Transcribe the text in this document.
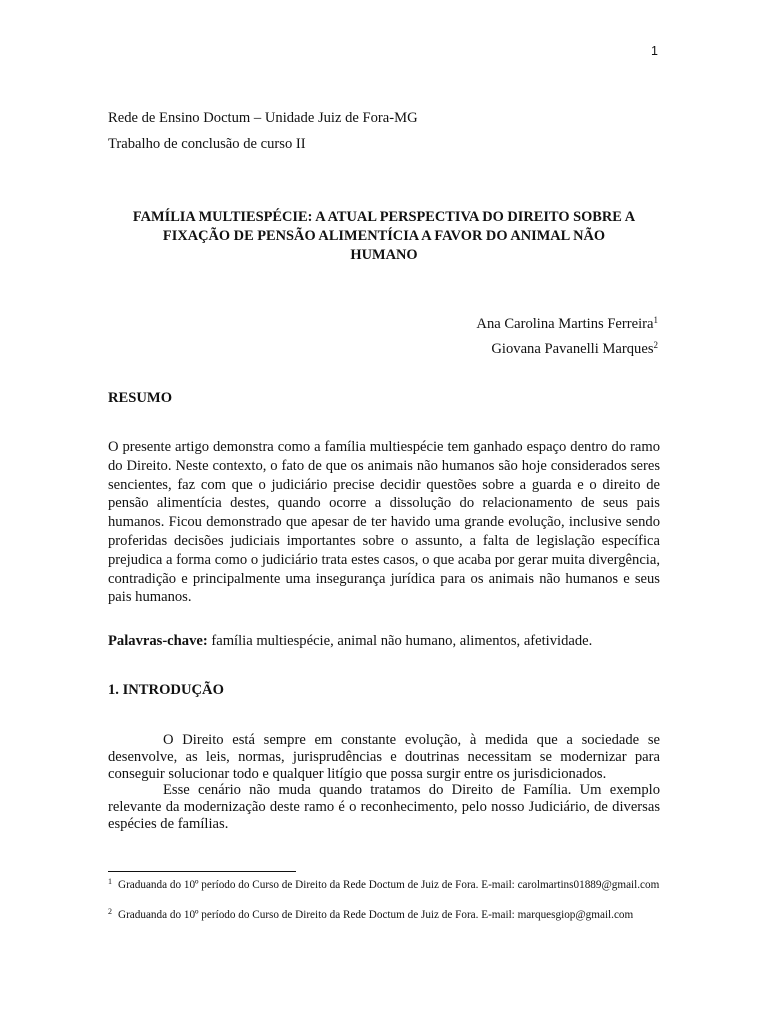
1
Rede de Ensino Doctum – Unidade Juiz de Fora-MG
Trabalho de conclusão de curso II
FAMÍLIA MULTIESPÉCIE: A ATUAL PERSPECTIVA DO DIREITO SOBRE A
FIXAÇÃO DE PENSÃO ALIMENTÍCIA A FAVOR DO ANIMAL NÃO
HUMANO
Ana Carolina Martins Ferreira$^1$
Giovana Pavanelli Marques$^2$
RESUMO
O presente artigo demonstra como a família multiespécie tem ganhado espaço dentro do ramo do Direito. Neste contexto, o fato de que os animais não humanos são hoje considerados seres sencientes, faz com que o judiciário precise decidir questões sobre a guarda e o direito de pensão alimentícia destes, quando ocorre a dissolução do relacionamento de seus pais humanos. Ficou demonstrado que apesar de ter havido uma grande evolução, inclusive sendo proferidas decisões judiciais importantes sobre o assunto, a falta de legislação específica prejudica a forma como o judiciário trata estes casos, o que acaba por gerar muita divergência, contradição e principalmente uma insegurança jurídica para os animais não humanos e seus pais humanos.
Palavras-chave: família multiespécie, animal não humano, alimentos, afetividade.
1. INTRODUÇÃO
O Direito está sempre em constante evolução, à medida que a sociedade se desenvolve, as leis, normas, jurisprudências e doutrinas necessitam se modernizar para conseguir solucionar todo e qualquer litígio que possa surgir entre os jurisdicionados.
Esse cenário não muda quando tratamos do Direito de Família. Um exemplo relevante da modernização deste ramo é o reconhecimento, pelo nosso Judiciário, de diversas espécies de famílias.
$^1$ Graduanda do 10º período do Curso de Direito da Rede Doctum de Juiz de Fora. E-mail: carolmartins01889@gmail.com
$^2$ Graduanda do 10º período do Curso de Direito da Rede Doctum de Juiz de Fora. E-mail: marquesgiop@gmail.com
